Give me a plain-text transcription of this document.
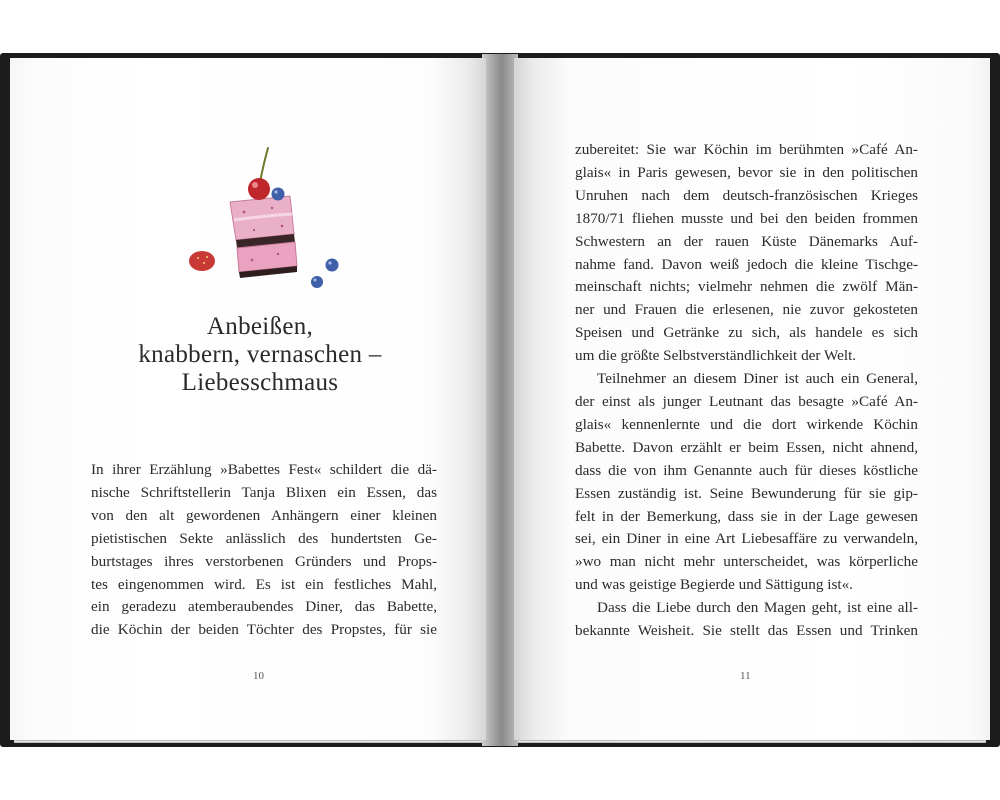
Anbeißen,
knabbern, vernaschen –
Liebesschmaus
In ihrer Erzählung »Babettes Fest« schildert die dä-
nische Schriftstellerin Tanja Blixen ein Essen, das
von den alt gewordenen Anhängern einer kleinen
pietistischen Sekte anlässlich des hundertsten Ge-
burtstages ihres verstorbenen Gründers und Props-
tes eingenommen wird. Es ist ein festliches Mahl,
ein geradezu atemberaubendes Diner, das Babette,
die Köchin der beiden Töchter des Propstes, für sie
10
zubereitet: Sie war Köchin im berühmten »Café An-
glais« in Paris gewesen, bevor sie in den politischen
Unruhen nach dem deutsch-französischen Krieges
1870/71 fliehen musste und bei den beiden frommen
Schwestern an der rauen Küste Dänemarks Auf-
nahme fand. Davon weiß jedoch die kleine Tischge-
meinschaft nichts; vielmehr nehmen die zwölf Män-
ner und Frauen die erlesenen, nie zuvor gekosteten
Speisen und Getränke zu sich, als handele es sich
um die größte Selbstverständlichkeit der Welt.
Teilnehmer an diesem Diner ist auch ein General,
der einst als junger Leutnant das besagte »Café An-
glais« kennenlernte und die dort wirkende Köchin
Babette. Davon erzählt er beim Essen, nicht ahnend,
dass die von ihm Genannte auch für dieses köstliche
Essen zuständig ist. Seine Bewunderung für sie gip-
felt in der Bemerkung, dass sie in der Lage gewesen
sei, ein Diner in eine Art Liebesaffäre zu verwandeln,
»wo man nicht mehr unterscheidet, was körperliche
und was geistige Begierde und Sättigung ist«.
Dass die Liebe durch den Magen geht, ist eine all-
bekannte Weisheit. Sie stellt das Essen und Trinken
11
